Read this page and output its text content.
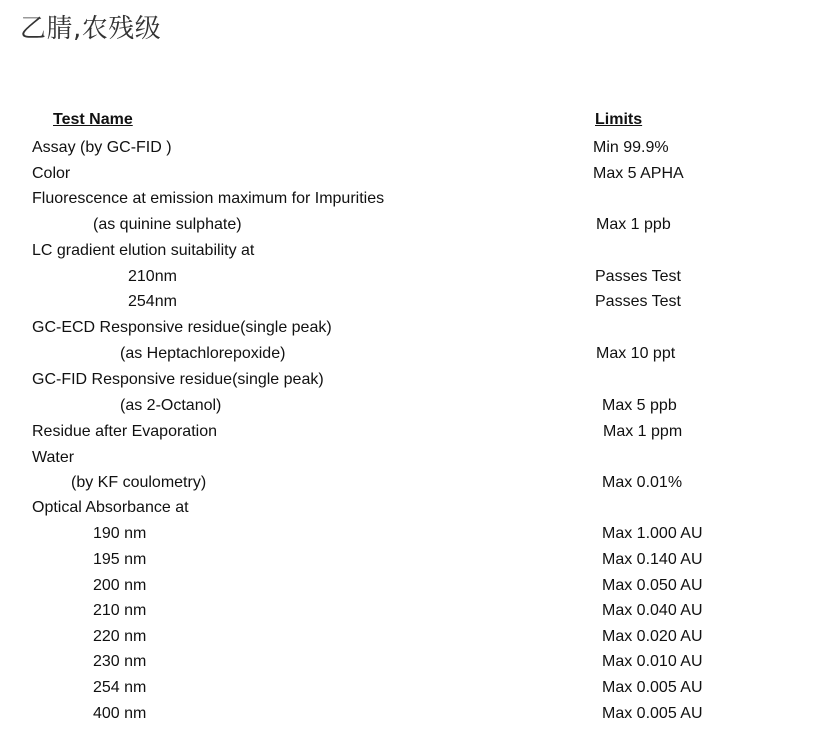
乙腈,农残级
Test Name	Limits
Assay (by GC-FID )	Min 99.9%
Color	Max 5 APHA
Fluorescence at emission maximum for Impurities
(as quinine sulphate)	Max 1 ppb
LC gradient elution suitability at
210nm	Passes Test
254nm	Passes Test
GC-ECD Responsive residue(single peak)
(as Heptachlorepoxide)	Max 10 ppt
GC-FID Responsive residue(single peak)
(as 2-Octanol)	Max 5 ppb
Residue after Evaporation	Max 1 ppm
Water
(by KF coulometry)	Max 0.01%
Optical Absorbance at
190 nm	Max 1.000 AU
195 nm	Max 0.140 AU
200 nm	Max 0.050 AU
210 nm	Max 0.040 AU
220 nm	Max 0.020 AU
230 nm	Max 0.010 AU
254 nm	Max 0.005 AU
400 nm	Max 0.005 AU
